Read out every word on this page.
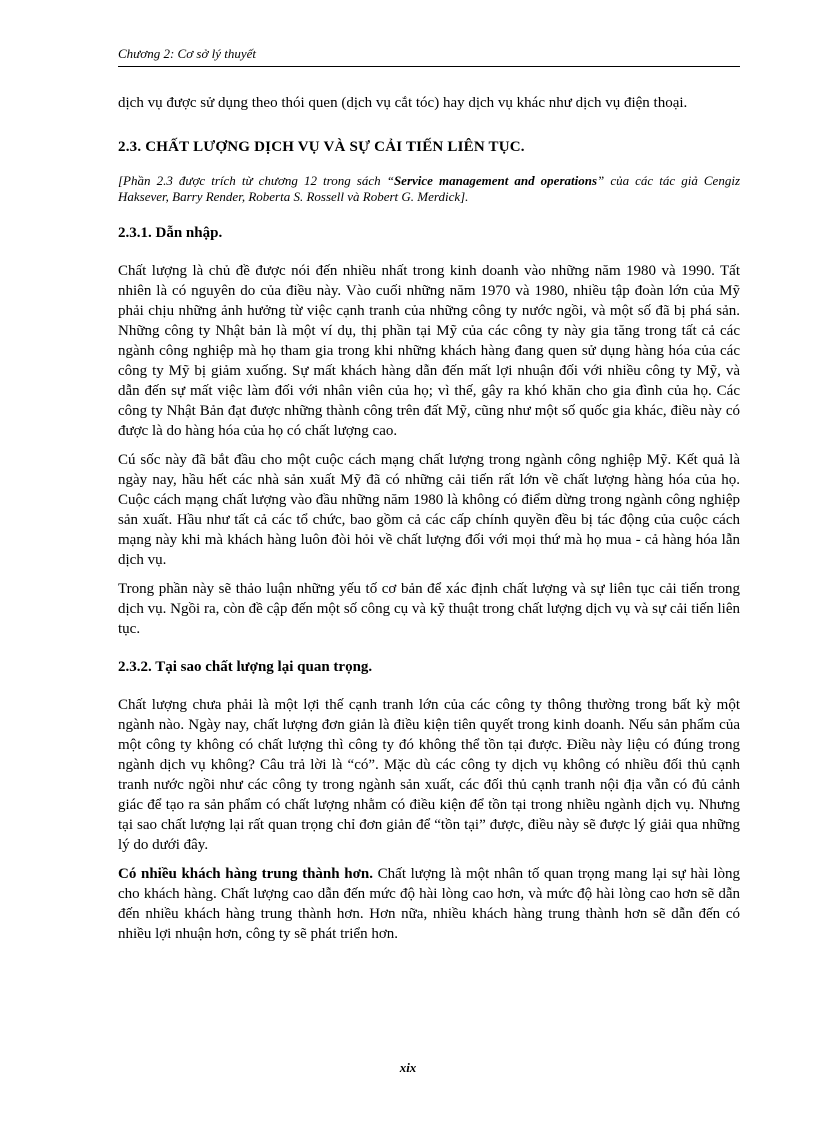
Chương 2: Cơ sở lý thuyết

dịch vụ được sử dụng theo thói quen (dịch vụ cắt tóc) hay dịch vụ khác như dịch vụ điện thoại.

2.3. CHẤT LƯỢNG DỊCH VỤ VÀ SỰ CẢI TIẾN LIÊN TỤC.

[Phần 2.3 được trích từ chương 12 trong sách “Service management and operations” của các tác giả Cengiz Haksever, Barry Render, Roberta S. Rossell và Robert G. Merdick].

2.3.1. Dẫn nhập.

Chất lượng là chủ đề được nói đến nhiều nhất trong kinh doanh vào những năm 1980 và 1990. Tất nhiên là có nguyên do của điều này. Vào cuối những năm 1970 và 1980, nhiều tập đoàn lớn của Mỹ phải chịu những ảnh hưởng từ việc cạnh tranh của những công ty nước ngồi, và một số đã bị phá sản. Những công ty Nhật bản là một ví dụ, thị phần tại Mỹ của các công ty này gia tăng trong tất cả các ngành công nghiệp mà họ tham gia trong khi những khách hàng đang quen sử dụng hàng hóa của các công ty Mỹ bị giảm xuống. Sự mất khách hàng dẫn đến mất lợi nhuận đối với nhiều công ty Mỹ, và dẫn đến sự mất việc làm đối với nhân viên của họ; vì thế, gây ra khó khăn cho gia đình của họ. Các công ty Nhật Bản đạt được những thành công trên đất Mỹ, cũng như một số quốc gia khác, điều này có được là do hàng hóa của họ có chất lượng cao.

Cú sốc này đã bắt đầu cho một cuộc cách mạng chất lượng trong ngành công nghiệp Mỹ. Kết quả là ngày nay, hầu hết các nhà sản xuất Mỹ đã có những cải tiến rất lớn về chất lượng hàng hóa của họ. Cuộc cách mạng chất lượng vào đầu những năm 1980 là không có điểm dừng trong ngành công nghiệp sản xuất. Hầu như tất cả các tổ chức, bao gồm cả các cấp chính quyền đều bị tác động của cuộc cách mạng này khi mà khách hàng luôn đòi hỏi về chất lượng đối với mọi thứ mà họ mua - cả hàng hóa lẫn dịch vụ.

Trong phần này sẽ thảo luận những yếu tố cơ bản để xác định chất lượng và sự liên tục cải tiến trong dịch vụ. Ngồi ra, còn đề cập đến một số công cụ và kỹ thuật trong chất lượng dịch vụ và sự cải tiến liên tục.

2.3.2. Tại sao chất lượng lại quan trọng.

Chất lượng chưa phải là một lợi thế cạnh tranh lớn của các công ty thông thường trong bất kỳ một ngành nào. Ngày nay, chất lượng đơn giản là điều kiện tiên quyết trong kinh doanh. Nếu sản phẩm của một công ty không có chất lượng thì công ty đó không thể tồn tại được. Điều này liệu có đúng trong ngành dịch vụ không? Câu trả lời là “có”. Mặc dù các công ty dịch vụ không có nhiều đối thủ cạnh tranh nước ngồi như các công ty trong ngành sản xuất, các đối thủ cạnh tranh nội địa vẫn có đủ cảnh giác để tạo ra sản phẩm có chất lượng nhằm có điều kiện để tồn tại trong nhiều ngành dịch vụ. Nhưng tại sao chất lượng lại rất quan trọng chỉ đơn giản để “tồn tại” được, điều này sẽ được lý giải qua những lý do dưới đây.

Có nhiều khách hàng trung thành hơn. Chất lượng là một nhân tố quan trọng mang lại sự hài lòng cho khách hàng. Chất lượng cao dẫn đến mức độ hài lòng cao hơn, và mức độ hài lòng cao hơn sẽ dẫn đến nhiều khách hàng trung thành hơn. Hơn nữa, nhiều khách hàng trung thành hơn sẽ dẫn đến có nhiều lợi nhuận hơn, công ty sẽ phát triển hơn.

xix
